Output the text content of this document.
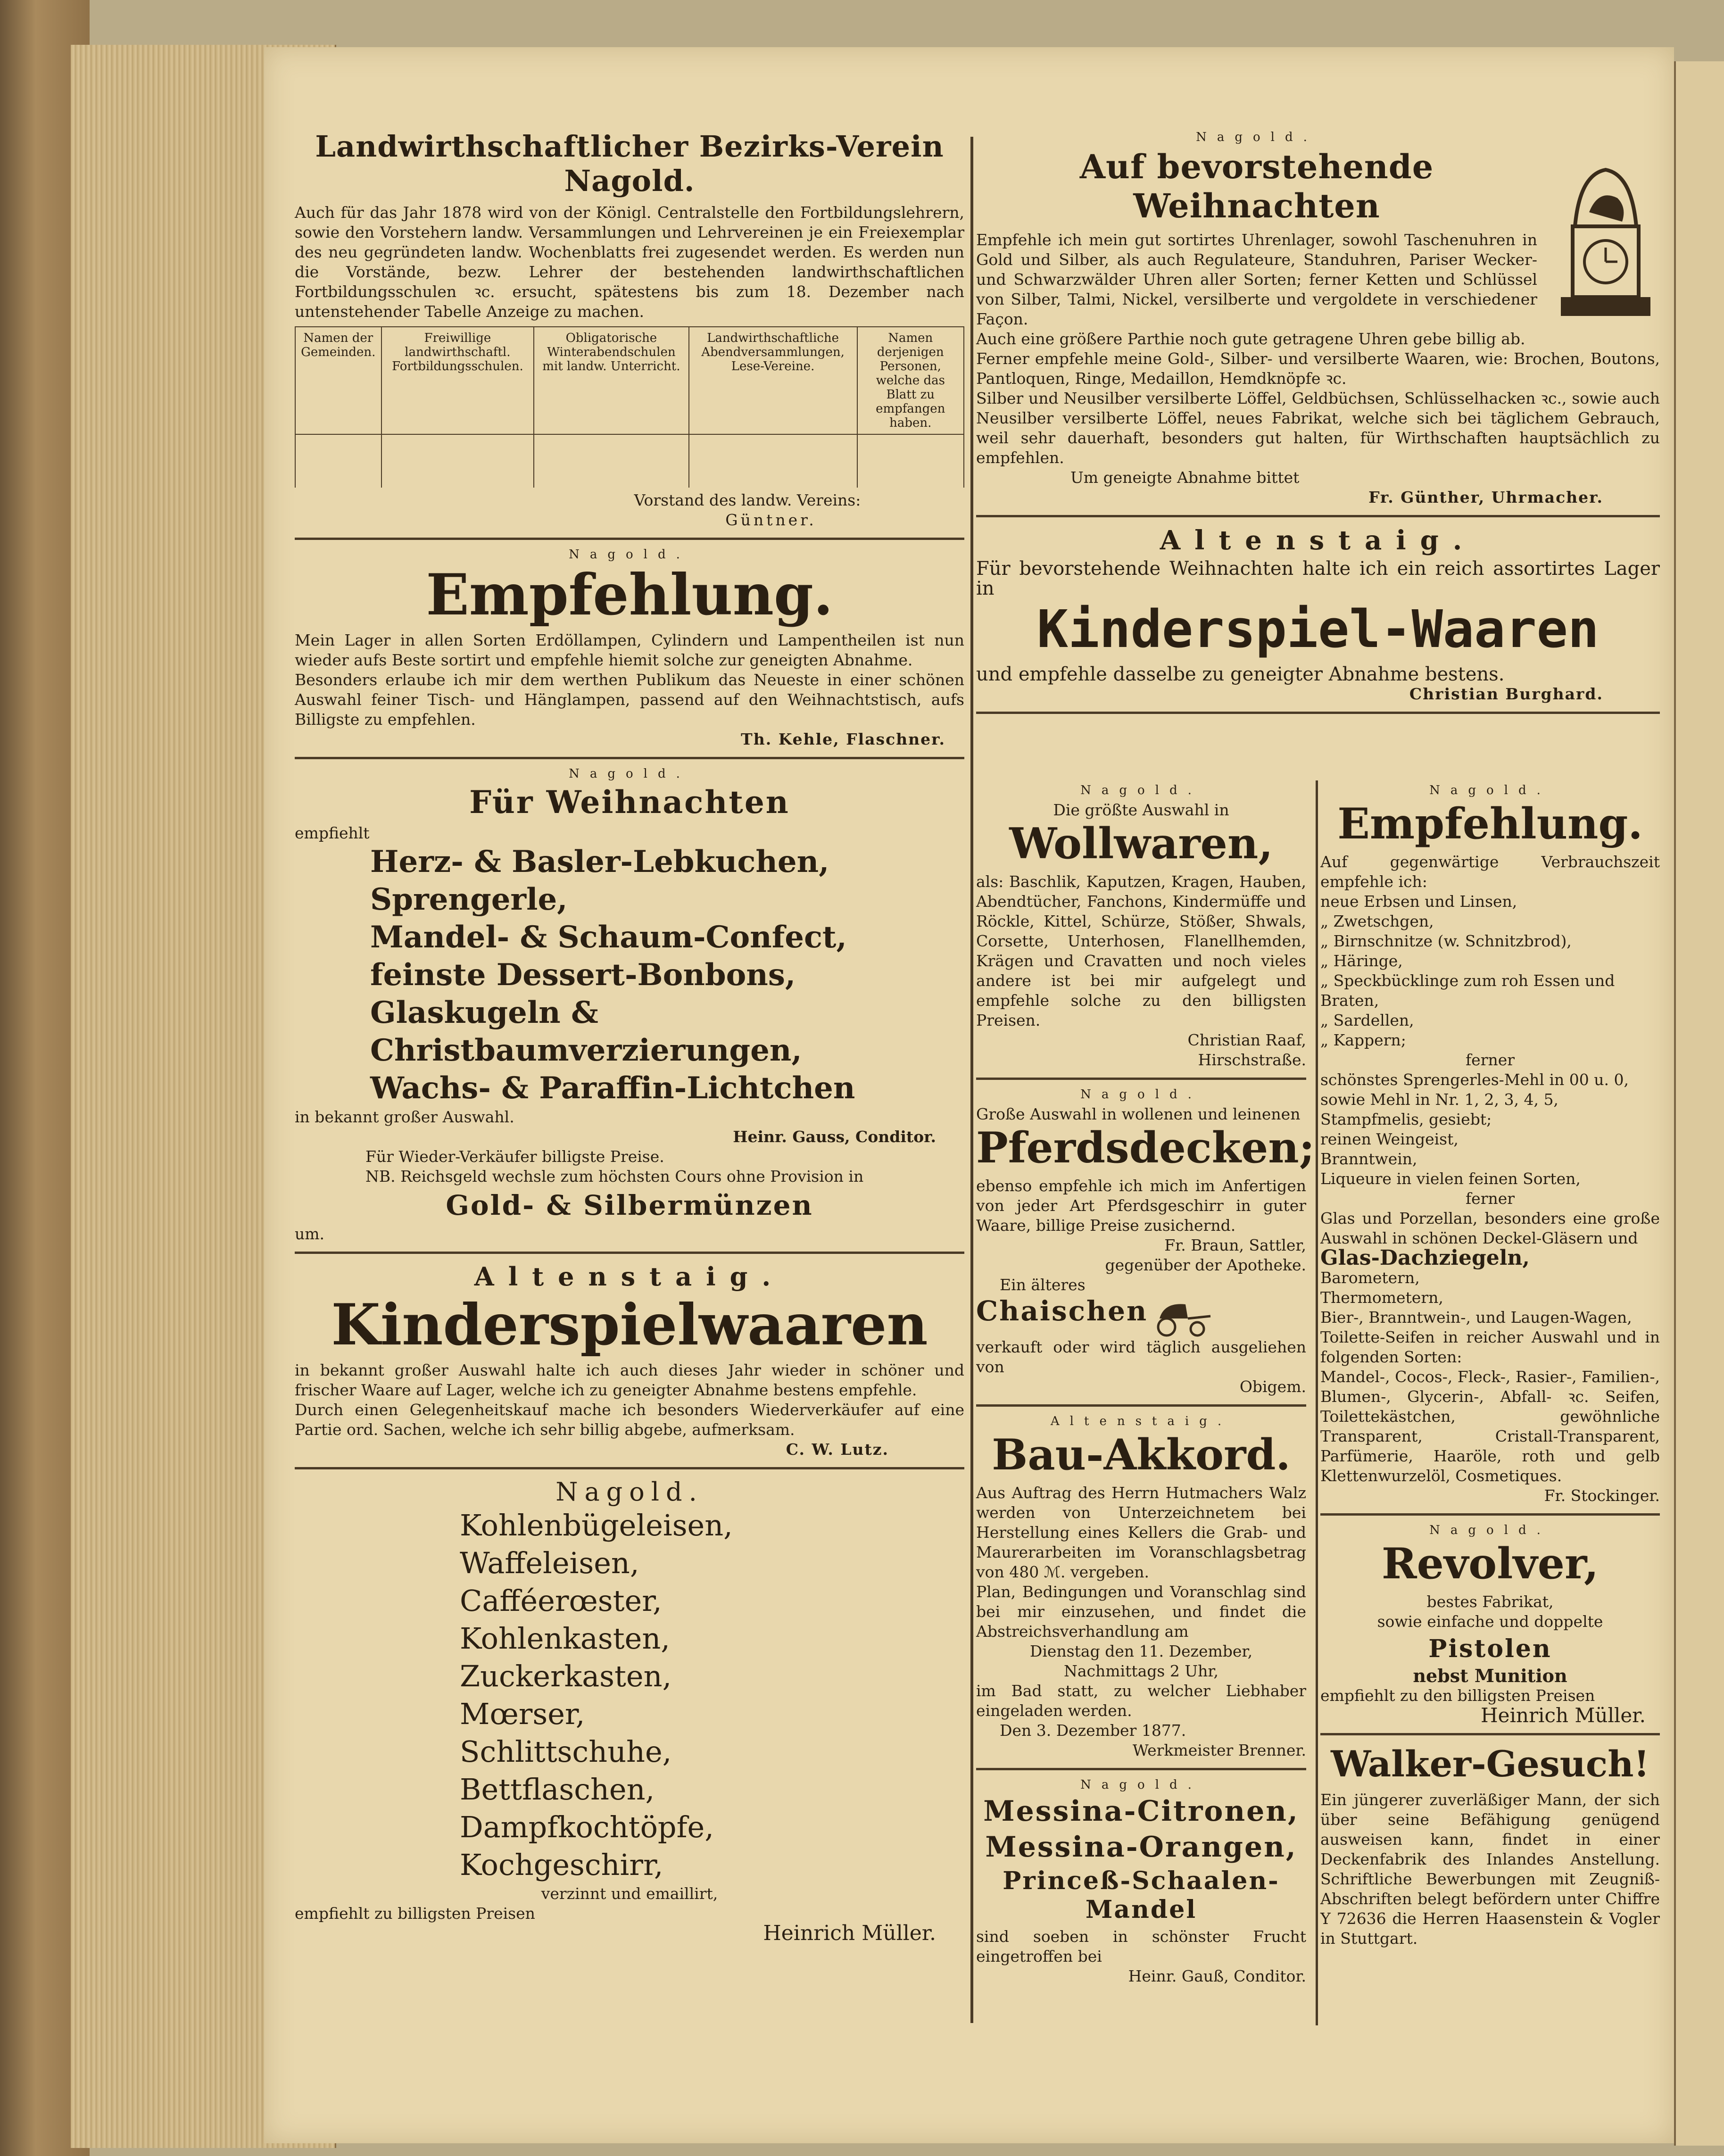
Landwirthschaftlicher Bezirks-Verein Nagold.

Auch für das Jahr 1878 wird von der Königl. Centralstelle den Fortbildungslehrern, sowie den Vorstehern landw. Versammlungen und Lehrvereinen je ein Freiexemplar des neu gegründeten landw. Wochenblatts frei zugesendet werden. Es werden nun die Vorstände, bezw. Lehrer der bestehenden landwirthschaftlichen Fortbildungsschulen ꝛc. ersucht, spätestens bis zum 18. Dezember nach untenstehender Tabelle Anzeige zu machen.

Namen der Gemeinden.	Freiwillige landwirthschaftl. Fortbildungsschulen.	Obligatorische Winterabendschulen mit landw. Unterricht.	Landwirthschaftliche Abendversammlungen, Lese-Vereine.	Namen derjenigen Personen, welche das Blatt zu empfangen haben.

Vorstand des landw. Vereins:

Güntner.

Nagold.
Empfehlung.

Mein Lager in allen Sorten Erdöllampen, Cylindern und Lampentheilen ist nun wieder aufs Beste sortirt und empfehle hiemit solche zur geneigten Abnahme.

Besonders erlaube ich mir dem werthen Publikum das Neueste in einer schönen Auswahl feiner Tisch- und Hänglampen, passend auf den Weihnachtstisch, aufs Billigste zu empfehlen.

Th. Kehle, Flaschner.

Nagold.
Für Weihnachten

empfiehlt

Herz- & Basler-Lebkuchen,
Sprengerle,
Mandel- & Schaum-Confect,
feinste Dessert-Bonbons,
Glaskugeln & Christbaumverzierungen,
Wachs- & Paraffin-Lichtchen

in bekannt großer Auswahl.

Heinr. Gauss, Conditor.

Für Wieder-Verkäufer billigste Preise.

NB. Reichsgeld wechsle zum höchsten Cours ohne Provision in

Gold- & Silbermünzen

um.

Altenstaig.
Kinderspielwaaren

in bekannt großer Auswahl halte ich auch dieses Jahr wieder in schöner und frischer Waare auf Lager, welche ich zu geneigter Abnahme bestens empfehle.

Durch einen Gelegenheitskauf mache ich besonders Wiederverkäufer auf eine Partie ord. Sachen, welche ich sehr billig abgebe, aufmerksam.

C. W. Lutz.

Nagold.
Kohlenbügeleisen,
Waffeleisen,
Cafféerœster,
Kohlenkasten,
Zuckerkasten,
Mœrser,
Schlittschuhe,
Bettflaschen,
Dampfkochtöpfe,
Kochgeschirr,

verzinnt und emaillirt,

empfiehlt zu billigsten Preisen

Heinrich Müller.

Nagold.
Auf bevorstehende Weihnachten

Empfehle ich mein gut sortirtes Uhrenlager, sowohl Taschenuhren in Gold und Silber, als auch Regulateure, Standuhren, Pariser Wecker- und Schwarzwälder Uhren aller Sorten; ferner Ketten und Schlüssel von Silber, Talmi, Nickel, versilberte und vergoldete in verschiedener Façon.

Auch eine größere Parthie noch gute getragene Uhren gebe billig ab.

Ferner empfehle meine Gold-, Silber- und versilberte Waaren, wie: Brochen, Boutons, Pantloquen, Ringe, Medaillon, Hemdknöpfe ꝛc.

Silber und Neusilber versilberte Löffel, Geldbüchsen, Schlüsselhacken ꝛc., sowie auch Neusilber versilberte Löffel, neues Fabrikat, welche sich bei täglichem Gebrauch, weil sehr dauerhaft, besonders gut halten, für Wirthschaften hauptsächlich zu empfehlen.

Um geneigte Abnahme bittet

Fr. Günther, Uhrmacher.

Altenstaig.

Für bevorstehende Weihnachten halte ich ein reich assortirtes Lager in

Kinderspiel-Waaren

und empfehle dasselbe zu geneigter Abnahme bestens.

Christian Burghard.

Nagold.

Die größte Auswahl in

Wollwaren,

als: Baschlik, Kaputzen, Kragen, Hauben, Abendtücher, Fanchons, Kindermüffe und Röckle, Kittel, Schürze, Stößer, Shwals, Corsette, Unterhosen, Flanellhemden, Krägen und Cravatten und noch vieles andere ist bei mir aufgelegt und empfehle solche zu den billigsten Preisen.

Christian Raaf,

Hirschstraße.

Nagold.

Große Auswahl in wollenen und leinenen

Pferdsdecken;

ebenso empfehle ich mich im Anfertigen von jeder Art Pferdsgeschirr in guter Waare, billige Preise zusichernd.

Fr. Braun, Sattler,

gegenüber der Apotheke.

Ein älteres

Chaischen

verkauft oder wird täglich ausgeliehen von

Obigem.

Altenstaig.
Bau-Akkord.

Aus Auftrag des Herrn Hutmachers Walz werden von Unterzeichnetem bei Herstellung eines Kellers die Grab- und Maurerarbeiten im Voranschlagsbetrag von 480 ℳ. vergeben.

Plan, Bedingungen und Voranschlag sind bei mir einzusehen, und findet die Abstreichsverhandlung am

Dienstag den 11. Dezember,

Nachmittags 2 Uhr,

im Bad statt, zu welcher Liebhaber eingeladen werden.

Den 3. Dezember 1877.

Werkmeister Brenner.

Nagold.
Messina-Citronen,
Messina-Orangen,
Princeß-Schaalen-Mandel

sind soeben in schönster Frucht eingetroffen bei

Heinr. Gauß, Conditor.

Nagold.
Empfehlung.

Auf gegenwärtige Verbrauchszeit empfehle ich:

neue Erbsen und Linsen,

„ Zwetschgen,

„ Birnschnitze (w. Schnitzbrod),

„ Häringe,

„ Speckbücklinge zum roh Essen und Braten,

„ Sardellen,

„ Kappern;

ferner

schönstes Sprengerles-Mehl in 00 u. 0, sowie Mehl in Nr. 1, 2, 3, 4, 5,

Stampfmelis, gesiebt;

reinen Weingeist,

Branntwein,

Liqueure in vielen feinen Sorten,

ferner

Glas und Porzellan, besonders eine große Auswahl in schönen Deckel-Gläsern und

Glas-Dachziegeln,

Barometern,

Thermometern,

Bier-, Branntwein-, und Laugen-Wagen,

Toilette-Seifen in reicher Auswahl und in folgenden Sorten:

Mandel-, Cocos-, Fleck-, Rasier-, Familien-, Blumen-, Glycerin-, Abfall- ꝛc. Seifen, Toilettekästchen, gewöhnliche Transparent, Cristall-Transparent, Parfümerie, Haaröle, roth und gelb Klettenwurzelöl, Cosmetiques.

Fr. Stockinger.

Nagold.
Revolver,

bestes Fabrikat,

sowie einfache und doppelte

Pistolen

nebst Munition

empfiehlt zu den billigsten Preisen

Heinrich Müller.

Walker-Gesuch!

Ein jüngerer zuverläßiger Mann, der sich über seine Befähigung genügend ausweisen kann, findet in einer Deckenfabrik des Inlandes Anstellung. Schriftliche Bewerbungen mit Zeugniß-Abschriften belegt befördern unter Chiffre Y 72636 die Herren Haasenstein & Vogler in Stuttgart.
